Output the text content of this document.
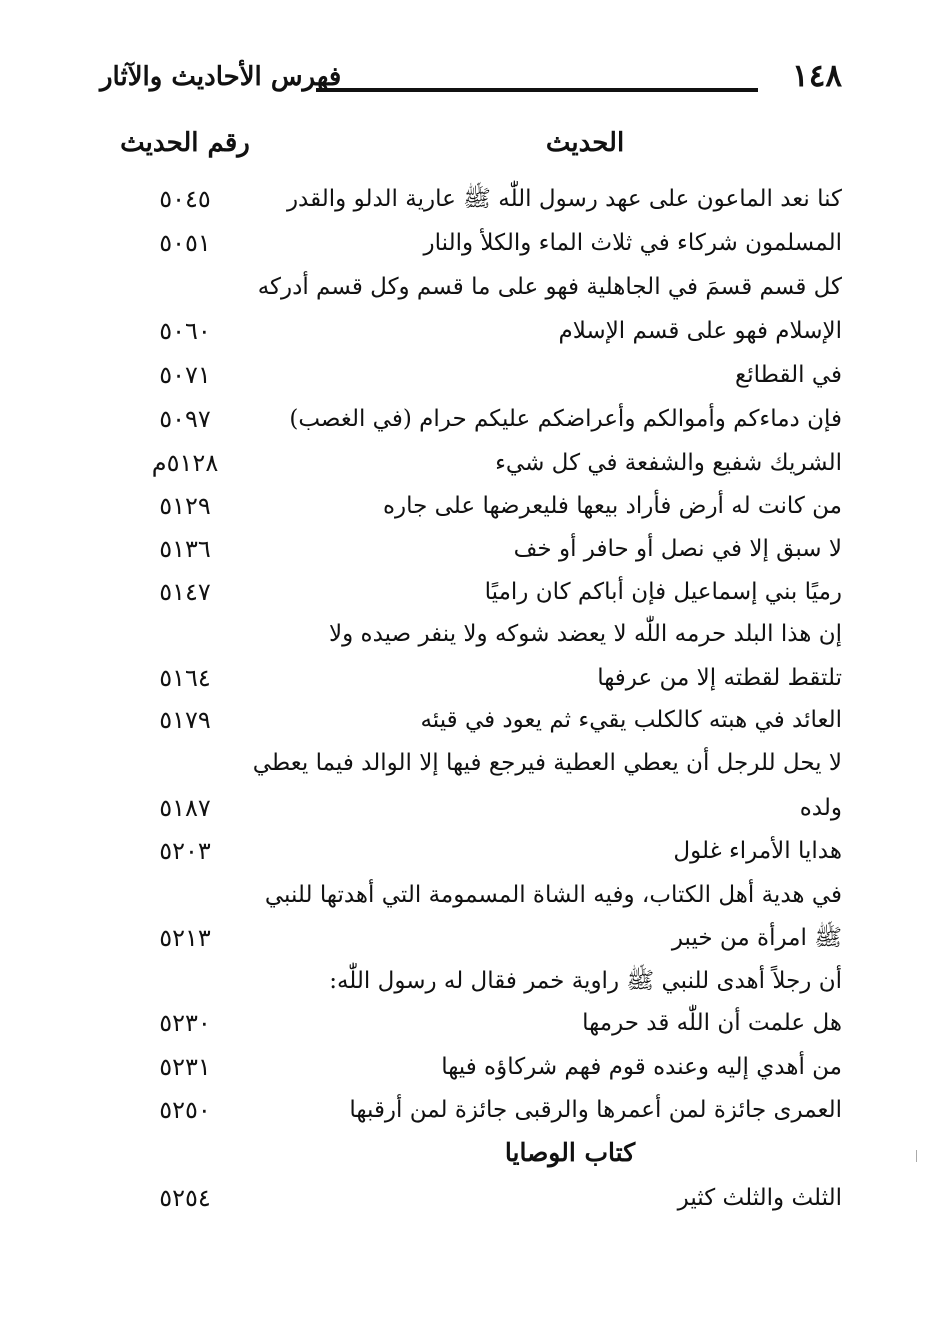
١٤٨
فهرس الأحاديث والآثار
الحديث
رقم الحديث
كنا نعد الماعون على عهد رسول اللّٰه ﷺ عارية الدلو والقدر
٥٠٤٥
المسلمون شركاء في ثلاث الماء والكلأ والنار
٥٠٥١
كل قسم قسمَ في الجاهلية فهو على ما قسم وكل قسم أدركه
الإسلام فهو على قسم الإسلام
٥٠٦٠
في القطائع
٥٠٧١
فإن دماءكم وأموالكم وأعراضكم عليكم حرام (في الغصب)
٥٠٩٧
الشريك شفيع والشفعة في كل شيء
٥١٢٨م
من كانت له أرض فأراد بيعها فليعرضها على جاره
٥١٢٩
لا سبق إلا في نصل أو حافر أو خف
٥١٣٦
رميًا بني إسماعيل فإن أباكم كان راميًا
٥١٤٧
إن هذا البلد حرمه اللّٰه لا يعضد شوكه ولا ينفر صيده ولا
تلتقط لقطته إلا من عرفها
٥١٦٤
العائد في هبته كالكلب يقيء ثم يعود في قيئه
٥١٧٩
لا يحل للرجل أن يعطي العطية فيرجع فيها إلا الوالد فيما يعطي
ولده
٥١٨٧
هدايا الأمراء غلول
٥٢٠٣
في هدية أهل الكتاب، وفيه الشاة المسمومة التي أهدتها للنبي
ﷺ امرأة من خيبر
٥٢١٣
أن رجلاً أهدى للنبي ﷺ راوية خمر فقال له رسول اللّٰه:
هل علمت أن اللّٰه قد حرمها
٥٢٣٠
من أهدي إليه وعنده قوم فهم شركاؤه فيها
٥٢٣١
العمرى جائزة لمن أعمرها والرقبى جائزة لمن أرقبها
٥٢٥٠
كتاب الوصايا
الثلث والثلث كثير
٥٢٥٤
